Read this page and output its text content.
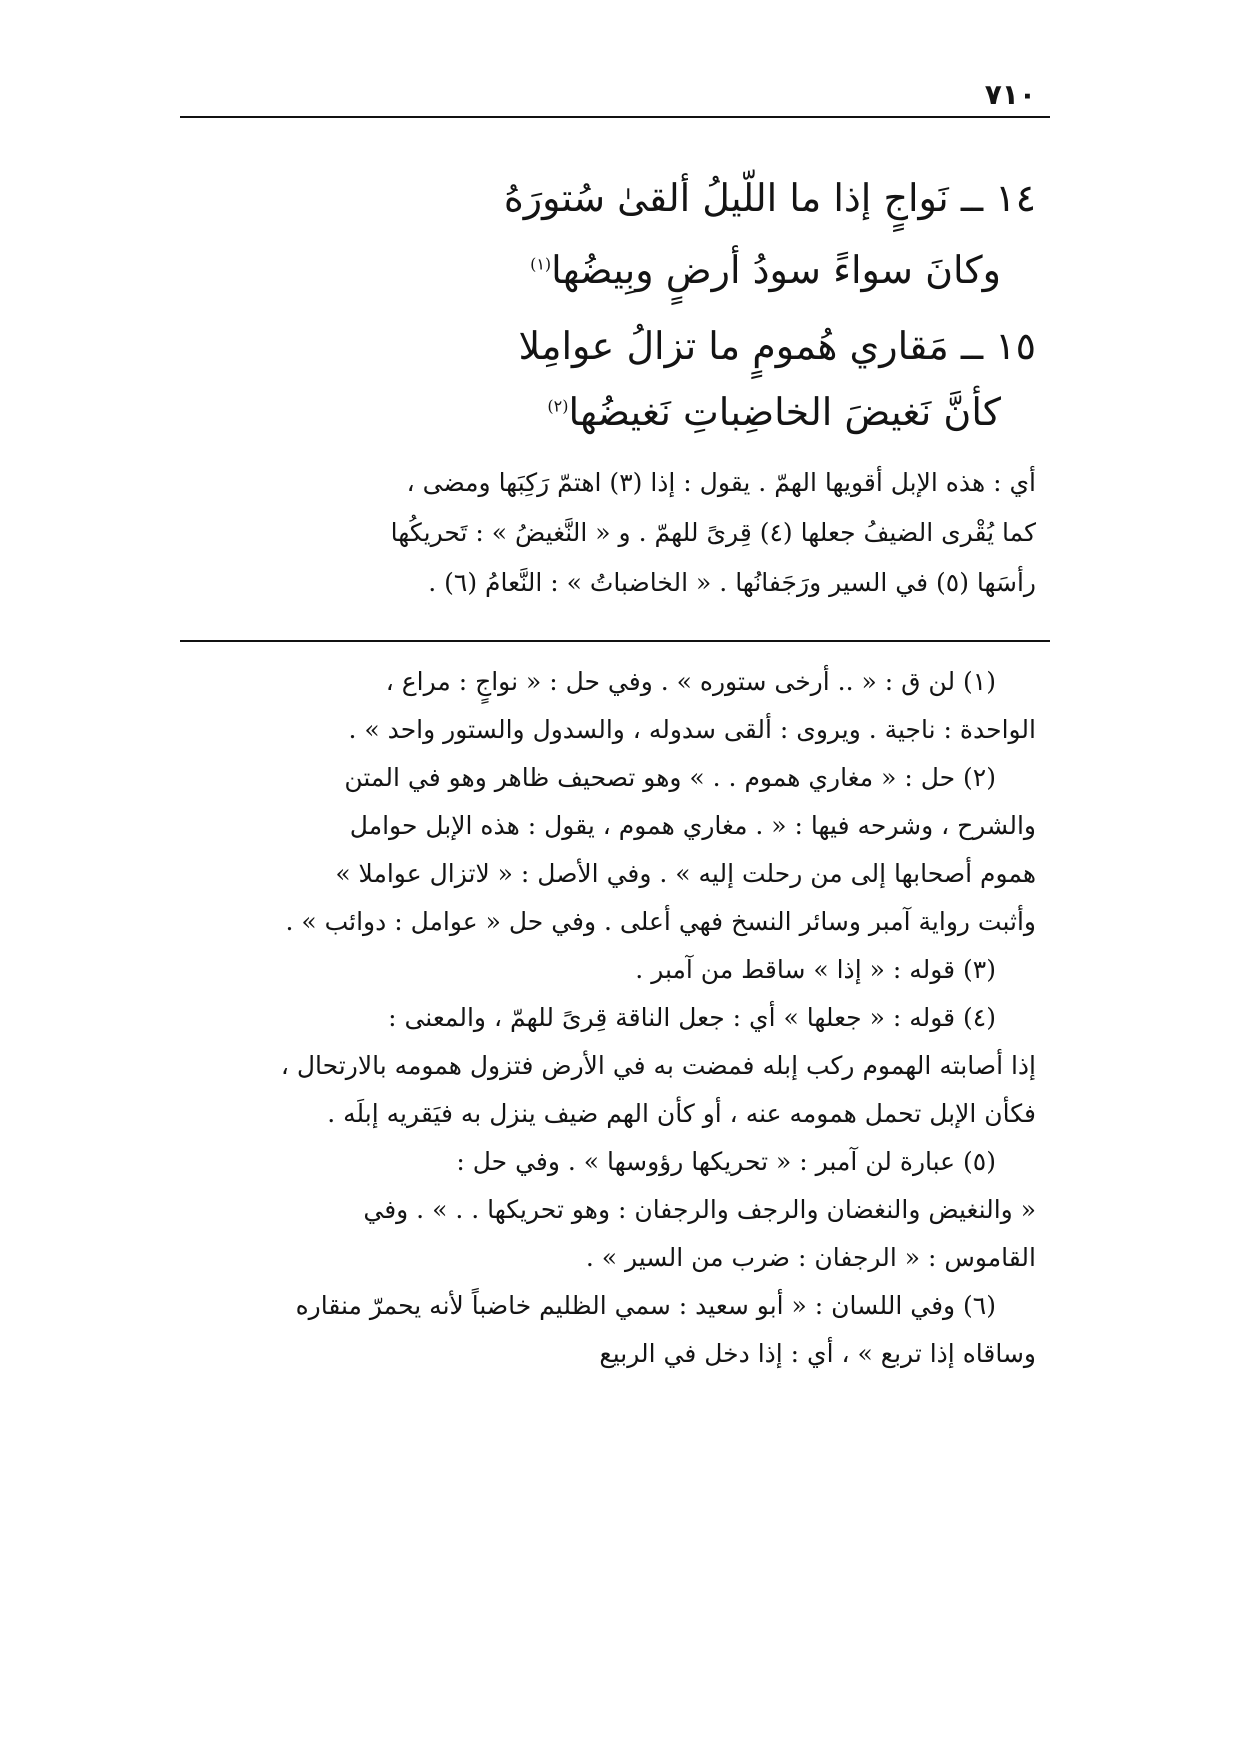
٧١٠
١٤ ــ نَواجٍ إذا ما اللّيلُ ألقىٰ سُتورَهُ
وكانَ سواءً سودُ أرضٍ وبِيضُها$^{(١)}$
١٥ ــ مَقاري هُمومٍ ما تزالُ عوامِلا
كأنَّ نَغيضَ الخاضِباتِ نَغيضُها$^{(٢)}$
أي : هذه الإبل أقويها الهمّ . يقول : إذا (٣) اهتمّ رَكِبَها ومضى ،
كما يُقْرى الضيفُ جعلها (٤) قِرىً للهمّ . و « النَّغيضُ » : تَحريكُها
رأسَها (٥) في السير ورَجَفانُها . « الخاضباتُ » : النَّعامُ (٦) .
(١) لن ق : « .. أرخى ستوره » . وفي حل : « نواجٍ : مراع ،
الواحدة : ناجية . ويروى : ألقى سدوله ، والسدول والستور واحد » .
(٢) حل : « مغاري هموم . . » وهو تصحيف ظاهر وهو في المتن
والشرح ، وشرحه فيها : « . مغاري هموم ، يقول : هذه الإبل حوامل
هموم أصحابها إلى من رحلت إليه » . وفي الأصل : « لاتزال عواملا »
وأثبت رواية آمبر وسائر النسخ فهي أعلى . وفي حل « عوامل : دوائب » .
(٣) قوله : « إذا » ساقط من آمبر .
(٤) قوله : « جعلها » أي : جعل الناقة قِرىً للهمّ ، والمعنى :
إذا أصابته الهموم ركب إبله فمضت به في الأرض فتزول همومه بالارتحال ،
فكأن الإبل تحمل همومه عنه ، أو كأن الهم ضيف ينزل به فيَقريه إبلَه .
(٥) عبارة لن آمبر : « تحريكها رؤوسها » . وفي حل :
« والنغيض والنغضان والرجف والرجفان : وهو تحريكها . . » . وفي
القاموس : « الرجفان : ضرب من السير » .
(٦) وفي اللسان : « أبو سعيد : سمي الظليم خاضباً لأنه يحمرّ منقاره
وساقاه إذا تربع » ، أي : إذا دخل في الربيع
